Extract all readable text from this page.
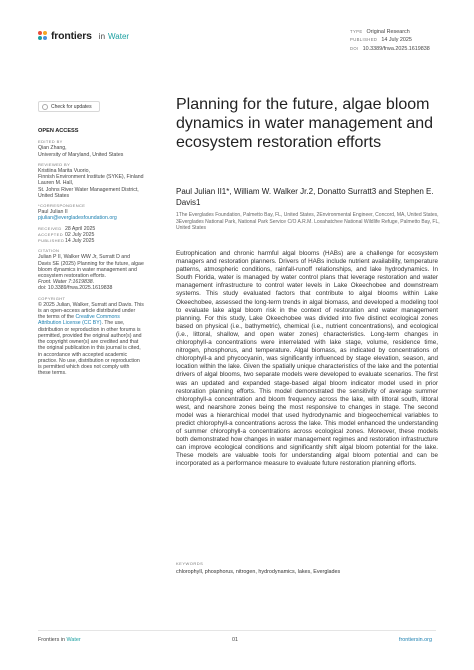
frontiers in Water	TYPE Original Research
PUBLISHED 14 July 2025
DOI 10.3389/frwa.2025.1619838
Check for updates
OPEN ACCESS
EDITED BY
Qian Zhang,
University of Maryland, United States
REVIEWED BY
Kristiina Marita Vuorio,
Finnish Environment Institute (SYKE), Finland
Lauren M. Hall,
St. Johns River Water Management District,
United States
*CORRESPONDENCE
Paul Julian II
pjulian@evergladesfoundation.org
RECEIVED 28 April 2025
ACCEPTED 02 July 2025
PUBLISHED14 July 2025
CITATION
Julian P II, Walker WW Jr, Surratt D and
Davis SE (2025) Planning for the future, algae
bloom dynamics in water management and
ecosystem restoration efforts.
Front. Water 7:1619838.
doi: 10.3389/frwa.2025.1619838
COPYRIGHT
© 2025 Julian, Walker, Surratt and Davis. This
is an open-access article distributed under
the terms of the Creative Commons
Attribution License (CC BY). The use,
distribution or reproduction in other forums is
permitted, provided the original author(s) and
the copyright owner(s) are credited and that
the original publication in this journal is cited,
in accordance with accepted academic
practice. No use, distribution or reproduction
is permitted which does not comply with
these terms.
Planning for the future, algae bloom dynamics in water management and ecosystem restoration efforts
Paul Julian II1*, William W. Walker Jr.2, Donatto Surratt3 and Stephen E. Davis1
1The Everglades Foundation, Palmetto Bay, FL, United States, 2Environmental Engineer, Concord, MA, United States, 3Everglades National Park, National Park Service C/O A.R.M. Loxahatchee National Wildlife Refuge, Palmetto Bay, FL, United States

Eutrophication and chronic harmful algal blooms (HABs) are a challenge for ecosystem managers and restoration planners. Drivers of HABs include nutrient availability, temperature patterns, atmospheric conditions, rainfall-runoff relationships, and lake hydrodynamics. In South Florida, water is managed by water control plans that leverage restoration and water management infrastructure to control water levels in Lake Okeechobee and downstream systems. This study evaluated factors that contribute to algal blooms within Lake Okeechobee, assessed the long-term trends in algal biomass, and developed a modeling tool to evaluate lake algal bloom risk in the context of restoration and water management planning. For this study, Lake Okeechobee was divided into five distinct ecological zones based on physical (i.e., bathymetric), chemical (i.e., nutrient concentrations), and ecological (i.e., littoral, shallow, and open water zones) characteristics. Long-term changes in chlorophyll-a concentrations were interrelated with lake stage, volume, residence time, nitrogen, phosphorus, and temperature. Algal biomass, as indicated by concentrations of chlorophyll-a and phycocyanin, was significantly influenced by stage elevation, season, and location within the lake. Given the spatially unique characteristics of the lake and the potential drivers of algal blooms, two separate models were developed to evaluate scenarios. The first was an updated and expanded stage-based algal bloom indicator model used in prior restoration planning efforts. This model demonstrated the sensitivity of average summer chlorophyll-a concentration and bloom frequency across the lake, with littoral south, littoral west, and nearshore zones being the most responsive to changes in stage. The second model was a hierarchical model that used hydrodynamic and biogeochemical variables to predict chlorophyll-a concentrations across the lake. This model enhanced the understanding of summer chlorophyll-a concentrations across ecological zones. Moreover, these models both demonstrated how changes in water management regimes and restoration infrastructure can improve ecological conditions and significantly shift algal bloom potential for the lake. These models are valuable tools for understanding algal bloom potential and can be incorporated as a performance measure to evaluate future restoration planning efforts.

KEYWORDS
chlorophyll, phosphorus, nitrogen, hydrodynamics, lakes, Everglades
Frontiers in Water	01	frontiersin.org
